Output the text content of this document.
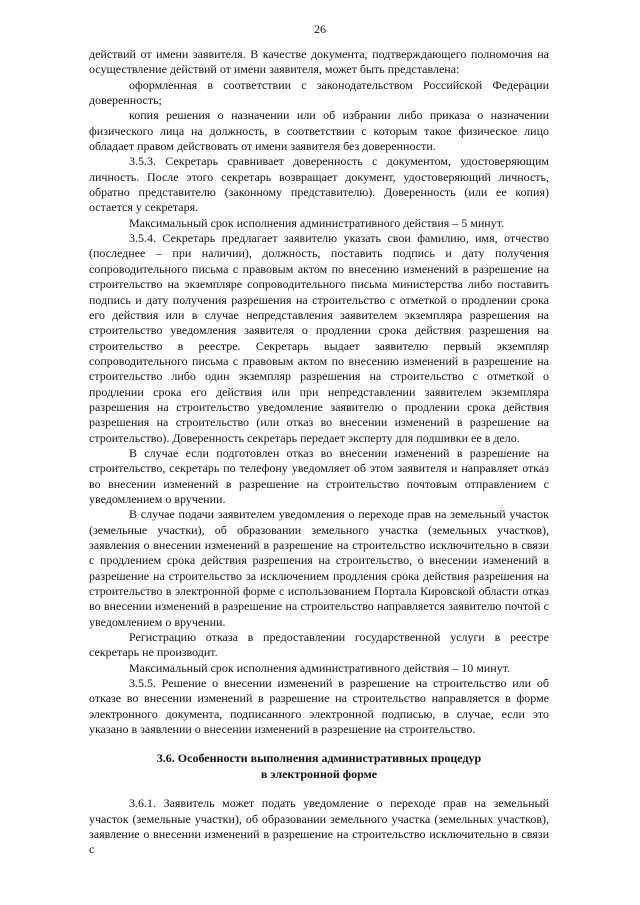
26

действий от имени заявителя. В качестве документа, подтверждающего полномочия на осуществление действий от имени заявителя, может быть представлена:

оформленная в соответствии с законодательством Российской Федерации доверенность;

копия решения о назначении или об избрании либо приказа о назначении физического лица на должность, в соответствии с которым такое физическое лицо обладает правом действовать от имени заявителя без доверенности.

3.5.3. Секретарь сравнивает доверенность с документом, удостоверяющим личность. После этого секретарь возвращает документ, удостоверяющий личность, обратно представителю (законному представителю). Доверенность (или ее копия) остается у секретаря.

Максимальный срок исполнения административного действия – 5 минут.

3.5.4. Секретарь предлагает заявителю указать свои фамилию, имя, отчество (последнее – при наличии), должность, поставить подпись и дату получения сопроводительного письма с правовым актом по внесению изменений в разрешение на строительство на экземпляре сопроводительного письма министерства либо поставить подпись и дату получения разрешения на строительство с отметкой о продлении срока его действия или в случае непредставления заявителем экземпляра разрешения на строительство уведомления заявителя о продлении срока действия разрешения на строительство в реестре. Секретарь выдает заявителю первый экземпляр сопроводительного письма с правовым актом по внесению изменений в разрешение на строительство либо один экземпляр разрешения на строительство с отметкой о продлении срока его действия или при непредставлении заявителем экземпляра разрешения на строительство уведомление заявителю о продлении срока действия разрешения на строительство (или отказ во внесении изменений в разрешение на строительство). Доверенность секретарь передает эксперту для подшивки ее в дело.

В случае если подготовлен отказ во внесении изменений в разрешение на строительство, секретарь по телефону уведомляет об этом заявителя и направляет отказ во внесении изменений в разрешение на строительство почтовым отправлением с уведомлением о вручении.

В случае подачи заявителем уведомления о переходе прав на земельный участок (земельные участки), об образовании земельного участка (земельных участков), заявления о внесении изменений в разрешение на строительство исключительно в связи с продлением срока действия разрешения на строительство, о внесении изменений в разрешение на строительство за исключением продления срока действия разрешения на строительство в электронной форме с использованием Портала Кировской области отказ во внесении изменений в разрешение на строительство направляется заявителю почтой с уведомлением о вручении.

Регистрацию отказа в предоставлении государственной услуги в реестре секретарь не производит.

Максимальный срок исполнения административного действия – 10 минут.

3.5.5. Решение о внесении изменений в разрешение на строительство или об отказе во внесении изменений в разрешение на строительство направляется в форме электронного документа, подписанного электронной подписью, в случае, если это указано в заявлении о внесении изменений в разрешение на строительство.

3.6. Особенности выполнения административных процедур
в электронной форме

3.6.1. Заявитель может подать уведомление о переходе прав на земельный участок (земельные участки), об образовании земельного участка (земельных участков), заявление о внесении изменений в разрешение на строительство исключительно в связи с
